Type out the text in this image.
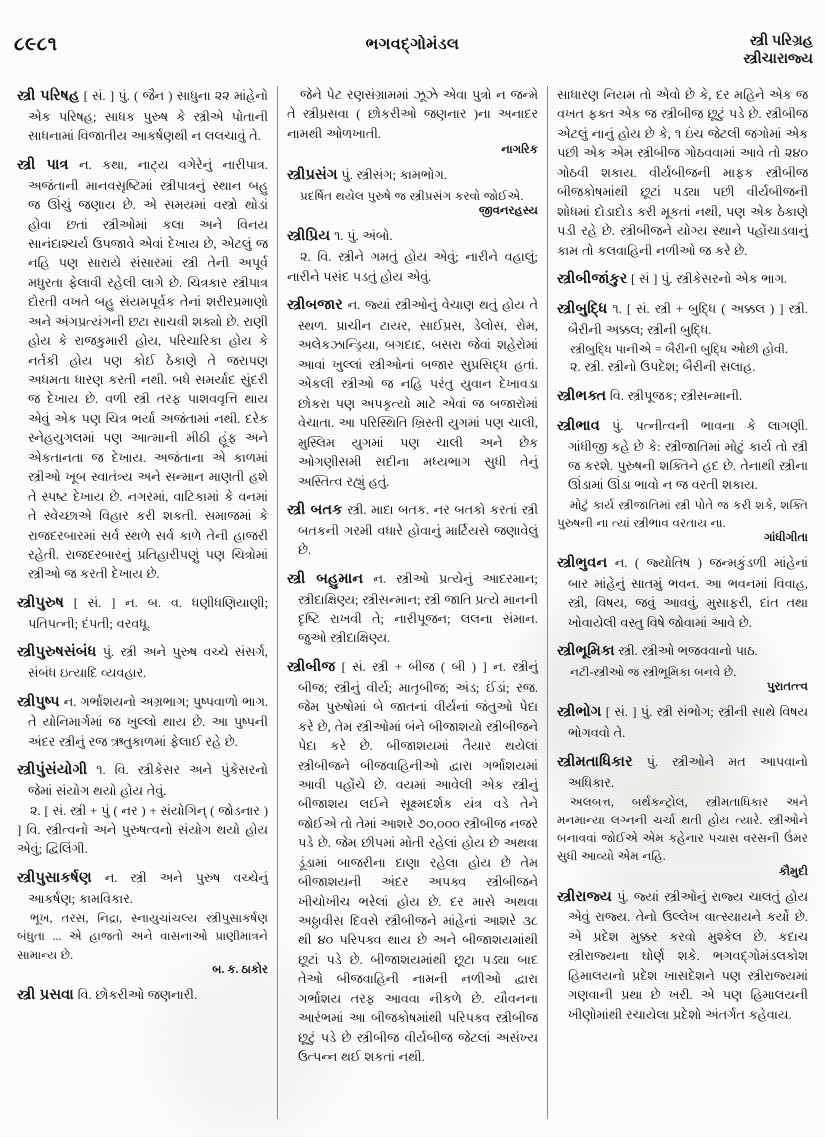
૮૯૮૧	ભગવદ્‌ગોમંડલ	સ્ત્રી પરિગ્રહ
સ્ત્રીચારાજ્ય

સ્ત્રી પરિષહ [ સં. ] પું. ( જૈન ) સાધુના ૨૨ માંહેનો એક પરિષહ; સાધક પુરુષ કે સ્ત્રીએ પોતાની સાધનામાં વિજાતીય આકર્ષણથી ન લલચાવું તે.

સ્ત્રી પાત્ર ન. કથા, નાટ્ય વગેરેનું નારીપાત્ર. અજંતાની માનવસૃષ્ટિમાં સ્ત્રીપાત્રનું સ્થાન બહુ જ ઊંચું જણાય છે. એ સમયમાં વસ્ત્રો થોડાં હોવા છતાં સ્ત્રીઓમાં કલા અને વિનય સાનંદાશ્ચર્ય ઉપજાવે એવાં દેખાય છે, એટલું જ નહિ પણ સારાયે સંસારમાં સ્ત્રી તેની અપૂર્વ મધુરતા ફેલાવી રહેલી લાગે છે. ચિત્રકાર સ્ત્રીપાત્ર દોરતી વખતે બહુ સંયમપૂર્વક તેનાં શરીરપ્રમાણો અને અંગપ્રત્યંગની છટા સાચવી શક્યો છે. રાણી હોય કે રાજકુમારી હોય, પરિચારિકા હોય કે નર્તકી હોય પણ કોઈ ઠેકાણે તે જરાપણ અધમતા ધારણ કરતી નથી. બધે સમર્યાદ સુંદરી જ દેખાય છે. વળી સ્ત્રી તરફ પાશવવૃત્તિ થાય એવું એક પણ ચિત્ર ભર્યા અજંતામાં નથી. દરેક સ્નેહયુગલમાં પણ આત્માની મીઠી હૂંફ અને એકતાનતા જ દેખાય. અજંતાના એ કાળમાં સ્ત્રીઓ ખૂબ સ્વાતંત્ર્ય અને સન્માન માણતી હશે તે સ્પષ્ટ દેખાય છે. નગરમાં, વાટિકામાં કે વનમાં તે સ્વેચ્છાએ વિહાર કરી શકતી. સમાજમાં કે રાજદરબારમાં સર્વ સ્થળે સર્વ કાળે તેની હાજરી રહેતી. રાજદરબારનું પ્રતિહારીપણું પણ ચિત્રોમાં સ્ત્રીઓ જ કરતી દેખાય છે.

સ્ત્રીપુરુષ [ સં. ] ન. બ. વ. ધણીધણિયાણી; પતિપત્ની; દંપતી; વરવધૂ.

સ્ત્રીપુરુષસંબંધ પું. સ્ત્રી અને પુરુષ વચ્ચે સંસર્ગ, સંબંધ ઇત્યાદિ વ્યવહાર.

સ્ત્રીપુષ્પ ન. ગર્ભાશયનો અગ્રભાગ; પુષ્પવાળો ભાગ. તે યોનિમાર્ગમાં જ ખુલ્લો થાય છે. આ પુષ્પની અંદર સ્ત્રીનું રજ ઋતુકાળમાં ફેલાઈ રહે છે.

સ્ત્રીપુંસંયોગી ૧. વિ. સ્ત્રીકેસર અને પુંકેસરનો જેમાં સંયોગ થયો હોય તેવું.

૨. [ સં. સ્ત્રી + પું ( નર ) + સંયોગિન્ ( જોડનાર ) ] વિ. સ્ત્રીત્વનો અને પુરુષત્વનો સંયોગ થયો હોય એવું; દ્વિલિંગી.

સ્ત્રીપુસાકર્ષણ ન. સ્ત્રી અને પુરુષ વચ્ચેનું આકર્ષણ; કામવિકાર.

ભૂખ, તરસ, નિદ્રા, સ્નાયુચાંચલ્ય સ્ત્રીપુસાકર્ષણ બંધુતા ... એ હાજતો અને વાસનાઓ પ્રાણીમાત્રને સામાન્ય છે.

બ. ક. ઠાકોર

સ્ત્રી પ્રસવા વિ. છોકરીઓ જણનારી.

જેને પેટ રણસંગ્રામમાં ઝૂઝે એવા પુત્રો ન જન્મે તે સ્ત્રીપ્રસવા ( છોકરીઓ જણનાર )ના અનાદર નામથી ઓળખાતી.

નાગરિક

સ્ત્રીપ્રસંગ પું. સ્ત્રીસંગ; કામભોગ.

પ્રદર્ષિત થયેલ પુરુષે જ સ્ત્રીપ્રસંગ કરવો જોઈએ.

જીવનરહસ્ય

સ્ત્રીપ્રિય ૧. પું. અંબો.

૨. વિ. સ્ત્રીને ગમતું હોય એવું; નારીને વહાલું; નારીને પસંદ પડતું હોય એવું.

સ્ત્રીબજાર ન. જ્યાં સ્ત્રીઓનું વેચાણ થતું હોય તે સ્થળ. પ્રાચીન ટાયર, સાઈપ્રસ, ડેલોસ, રોમ, અલેકઝાન્ડ્રિયા, બગદાદ, બસરા જેવાં શહેરોમાં આવાં ખુલ્લાં સ્ત્રીઓનાં બજાર સુપ્રસિદ્ધ હતાં. એકલી સ્ત્રીઓ જ નહિ પરંતુ યુવાન દેખાવડા છોકરા પણ અપકૃત્યો માટે એવાં જ બજારોમાં વેચાતા. આ પરિસ્થિતિ ખ્રિસ્તી યુગમાં પણ ચાલી, મુસ્લિમ યુગમાં પણ ચાલી અને છેક ઓગણીસમી સદીના મધ્યભાગ સુધી તેનું અસ્તિત્વ રહ્યું હતું.

સ્ત્રી બતક સ્ત્રી. માદા બતક. નર બતકો કરતાં સ્ત્રી બતકની ગરમી વધારે હોવાનું માર્ટિયસે જણાવેલું છે.

સ્ત્રી બહુમાન ન. સ્ત્રીઓ પ્રત્યેનું આદરમાન; સ્ત્રીદાક્ષિણ્ય; સ્ત્રીસન્માન; સ્ત્રી જાતિ પ્રત્યે માનની દૃષ્ટિ રાખવી તે; નારીપૂજન; લલના સંમાન. જુઓ સ્ત્રીદાક્ષિણ્ય.

સ્ત્રીબીજ [ સં. સ્ત્રી + બીજ ( બી ) ] ન. સ્ત્રીનું બીજ; સ્ત્રીનું વીર્ય; માતૃબીજ; અંડ; ઈંડાં; રજ. જેમ પુરુષોમાં બે જાતનાં વીર્યનાં જંતુઓ પેદા કરે છે, તેમ સ્ત્રીઓમાં બંને બીજાશયો સ્ત્રીબીજને પેદા કરે છે. બીજાશયમાં તૈયાર થયેલાં સ્ત્રીબીજને બીજવાહિનીઓ દ્વારા ગર્ભાશયમાં આવી પહોંચે છે. વયમાં આવેલી એક સ્ત્રીનું બીજાશય લઈને સૂક્ષ્મદર્શક યંત્ર વડે તેને જોઈએ તો તેમાં આશરે ૭૦,૦૦૦ સ્ત્રીબીજ નજરે પડે છે. જેમ છીપમાં મોતી રહેલાં હોય છે અથવા ડૂંડામાં બાજરીના દાણા રહેલા હોય છે તેમ બીજાશયની અંદર અપક્વ સ્ત્રીબીજને ખીચોખીચ ભરેલાં હોય છે. દર માસે અથવા અઠ્ઠાવીસ દિવસે સ્ત્રીબીજને માંહેનાં આશરે ૩૮ થી ૪૦ પરિપક્વ થાય છે અને બીજાશયમાંથી છૂટાં પડે છે. બીજાશયમાંથી છૂટા પડ્યા બાદ તેઓ બીજવાહિની નામની નળીઓ દ્વારા ગર્ભાશય તરફ આવવા નીકળે છે. યૌવનના આરંભમાં આ બીજકોષમાંથી પરિપક્વ સ્ત્રીબીજ છૂટું પડે છે સ્ત્રીબીજ વીર્યબીજ જેટલાં અસંખ્ય ઉત્પન્ન થઈ શકતાં નથી.

સાધારણ નિયમ તો એવો છે કે, દર મહિને એક જ વખત ફક્ત એક જ સ્ત્રીબીજ છૂટું પડે છે. સ્ત્રીબીજ એટલું નાનું હોય છે કે, ૧ ઇંચ જેટલી જગોમાં એક પછી એક એમ સ્ત્રીબીજ ગોઠવવામાં આવે તો ૨૪૦ ગોઠવી શકાય. વીર્યબીજની માફક સ્ત્રીબીજ બીજકોષમાંથી છૂટાં પડ્યા પછી વીર્યબીજની શોધમાં દોડાદોડ કરી મૂકતાં નથી, પણ એક ઠેકાણે પડી રહે છે. સ્ત્રીબીજને યોગ્ય સ્થાને પહોંચાડવાનું કામ તો કલવાહિની નળીઓ જ કરે છે.

સ્ત્રીબીજાંકુર [ સં ] પું. સ્ત્રીકેસરનો એક ભાગ.

સ્ત્રીબુદ્ધિ ૧. [ સં. સ્ત્રી + બુદ્ધિ ( અક્કલ ) ] સ્ત્રી. બૈરીની અક્કલ; સ્ત્રીની બુદ્ધિ.

સ્ત્રીબુદ્ધિ પાનીએ = બૈરીની બુદ્ધિ ઓછી હોવી.

૨. સ્ત્રી. સ્ત્રીનો ઉપદેશ; બૈરીની સલાહ.

સ્ત્રીભક્ત વિ. સ્ત્રીપૂજક; સ્ત્રીસન્માની.

સ્ત્રીભાવ પું. પત્નીત્વની ભાવના કે લાગણી. ગાંધીજી કહે છે કે: સ્ત્રીજાતિમાં મોટું કાર્ય તો સ્ત્રી જ કરશે. પુરુષની શક્તિને હદ છે. તેનાથી સ્ત્રીના ઊંડામાં ઊંડા ભાવો ન જ વરતી શકાય.

મોટું કાર્ય સ્ત્રીજાતિમાં સ્ત્રી પોતે જ કરી શકે, શક્તિ પુરુષની ના ત્યાં સ્ત્રીભાવ વરતાય ના.

ગાંધીગીતા

સ્ત્રીભુવન ન. ( જ્યોતિષ ) જન્મકુંડળી માંહેનાં બાર માંહેનું સાતમું ભવન. આ ભવનમાં વિવાહ, સ્ત્રી, વિષય, જવું આવવું, મુસાફરી, દાંત તથા ખોવાયેલી વસ્તુ વિષે જોવામાં આવે છે.

સ્ત્રીભૂમિકા સ્ત્રી. સ્ત્રીઓ ભજવવાનો પાઠ.

નટી-સ્ત્રીઓ જ સ્ત્રીભૂમિકા બનવે છે.

પુરાતત્ત્વ

સ્ત્રીભોગ [ સં. ] પું. સ્ત્રી સંભોગ; સ્ત્રીની સાથે વિષય ભોગવવો તે.

સ્ત્રીમતાધિકાર પું. સ્ત્રીઓને મત આપવાનો અધિકાર.

અલબત્ત, બર્થકન્ટ્રોલ, સ્ત્રીમતાધિકાર અને મનમાન્યા લગ્નની ચર્ચા થતી હોય ત્યારે. સ્ત્રીઓને બનાવવાં જોઈએ એમ કહેનાર પચાસ વરસની ઉંમર સુધી આવ્યો એમ નહિ.

કૌમુદી

સ્ત્રીરાજ્ય પું. જ્યાં સ્ત્રીઓનું રાજ્ય ચાલતું હોય એવું રાજ્ય. તેનો ઉલ્લેખ વાત્સ્યાયને કર્યો છે. એ પ્રદેશ મુક્કર કરવો મુશ્કેલ છે. કદાચ સ્ત્રીરાજ્યના ઘોર્ણ શકે. ભગવદ્‌ગોમંડલકોશ હિમાલયનો પ્રદેશ ખાસદેશને પણ સ્ત્રીરાજ્યમાં ગણવાની પ્રથા છે ખરી. એ પણ હિમાલયની ખીણોમાંથી રચાયેલા પ્રદેશો અંતર્ગત કહેવાય.
